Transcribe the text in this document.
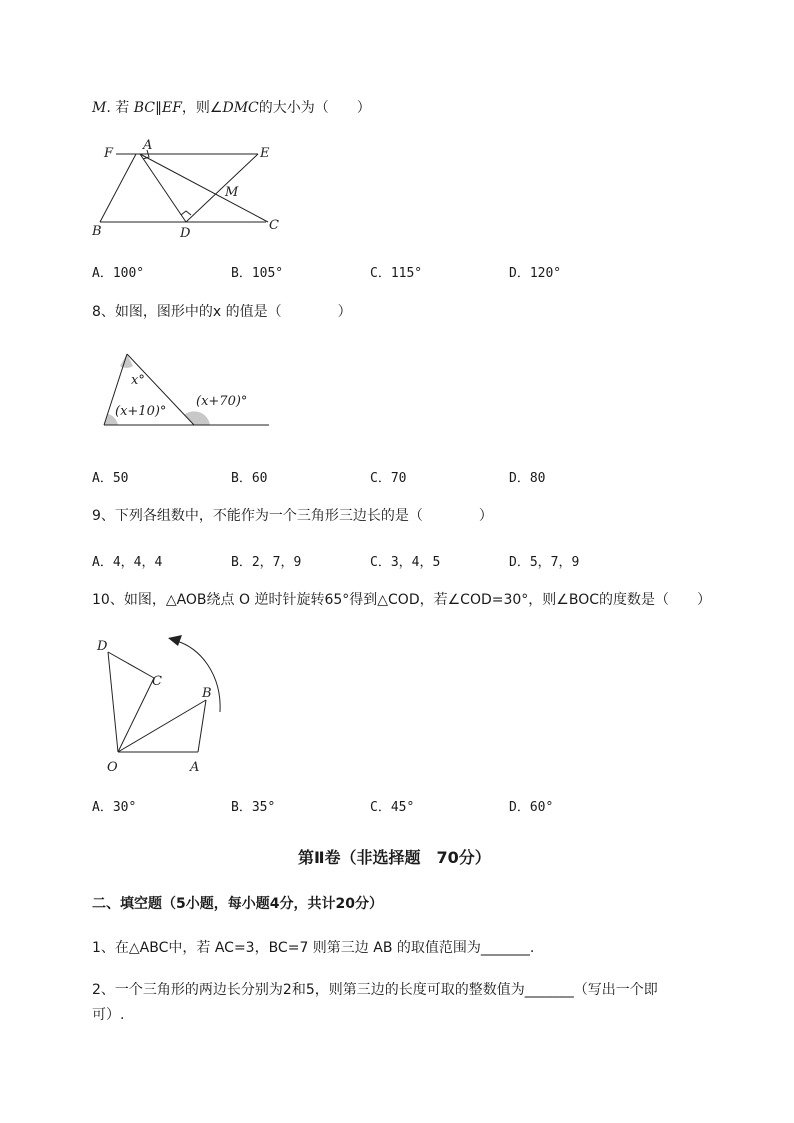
M. 若 BC∥EF，则∠DMC的大小为（　　）
F
A
E
M
B	D
C
A．100°	B．105°	C．115°	D．120°
8、如图，图形中的x 的值是（　　　　）
x°
(x+10)°
(x+70)°
A．50	B．60	C．70	D．80
9、下列各组数中，不能作为一个三角形三边长的是（　　　　）
A．4，4，4	B．2，7，9	C．3，4，5	D．5，7，9
10、如图，△AOB绕点 O 逆时针旋转65°得到△COD，若∠COD=30°，则∠BOC的度数是（　　）
D
C
B
O	A
A．30°	B．35°	C．45°	D．60°
第Ⅱ卷（非选择题　70分）
二、填空题（5小题，每小题4分，共计20分）
1、在△ABC中，若 AC=3，BC=7 则第三边 AB 的取值范围为_______.
2、一个三角形的两边长分别为2和5，则第三边的长度可取的整数值为_______（写出一个即
可）.
